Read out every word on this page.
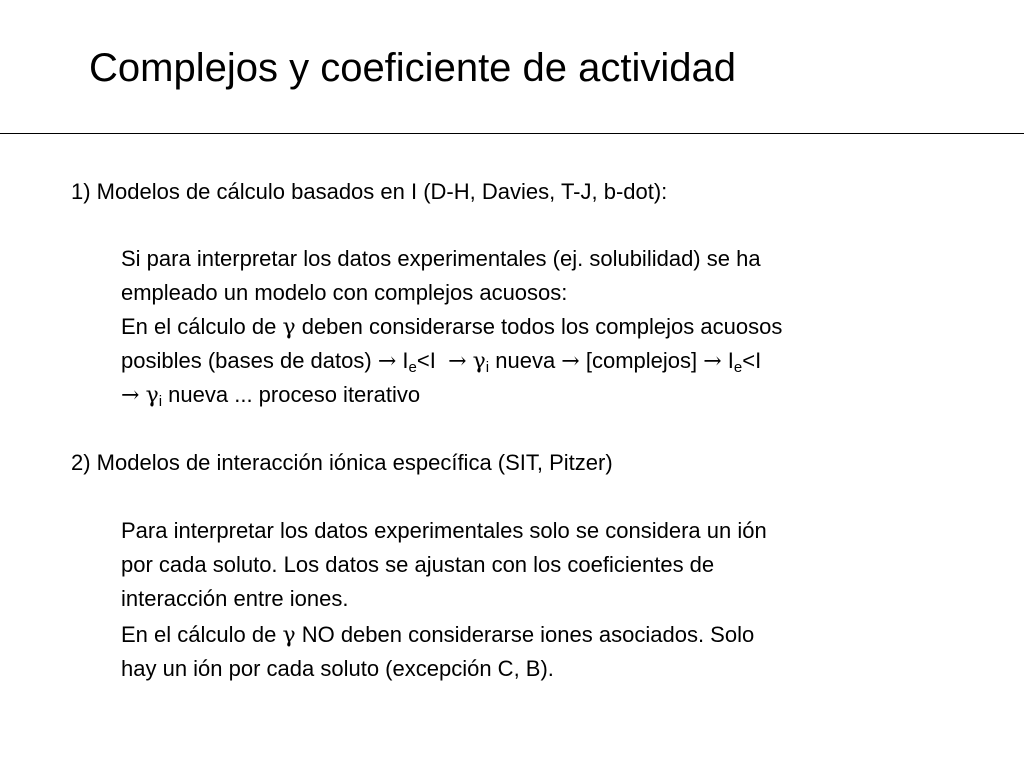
Complejos y coeficiente de actividad
1) Modelos de cálculo basados en I (D-H, Davies, T-J, b-dot):
Si para interpretar los datos experimentales (ej. solubilidad) se ha
empleado un modelo con complejos acuosos:
En el cálculo de γ deben considerarse todos los complejos acuosos
posibles (bases de datos) → $I_e<I \to \gamma_i$ nueva → [complejos] → $I_e<I$
→ $\gamma_i$ nueva ... proceso iterativo
2) Modelos de interacción iónica específica (SIT, Pitzer)
Para interpretar los datos experimentales solo se considera un ión
por cada soluto. Los datos se ajustan con los coeficientes de
interacción entre iones.
En el cálculo de γ NO deben considerarse iones asociados. Solo
hay un ión por cada soluto (excepción C, B).
